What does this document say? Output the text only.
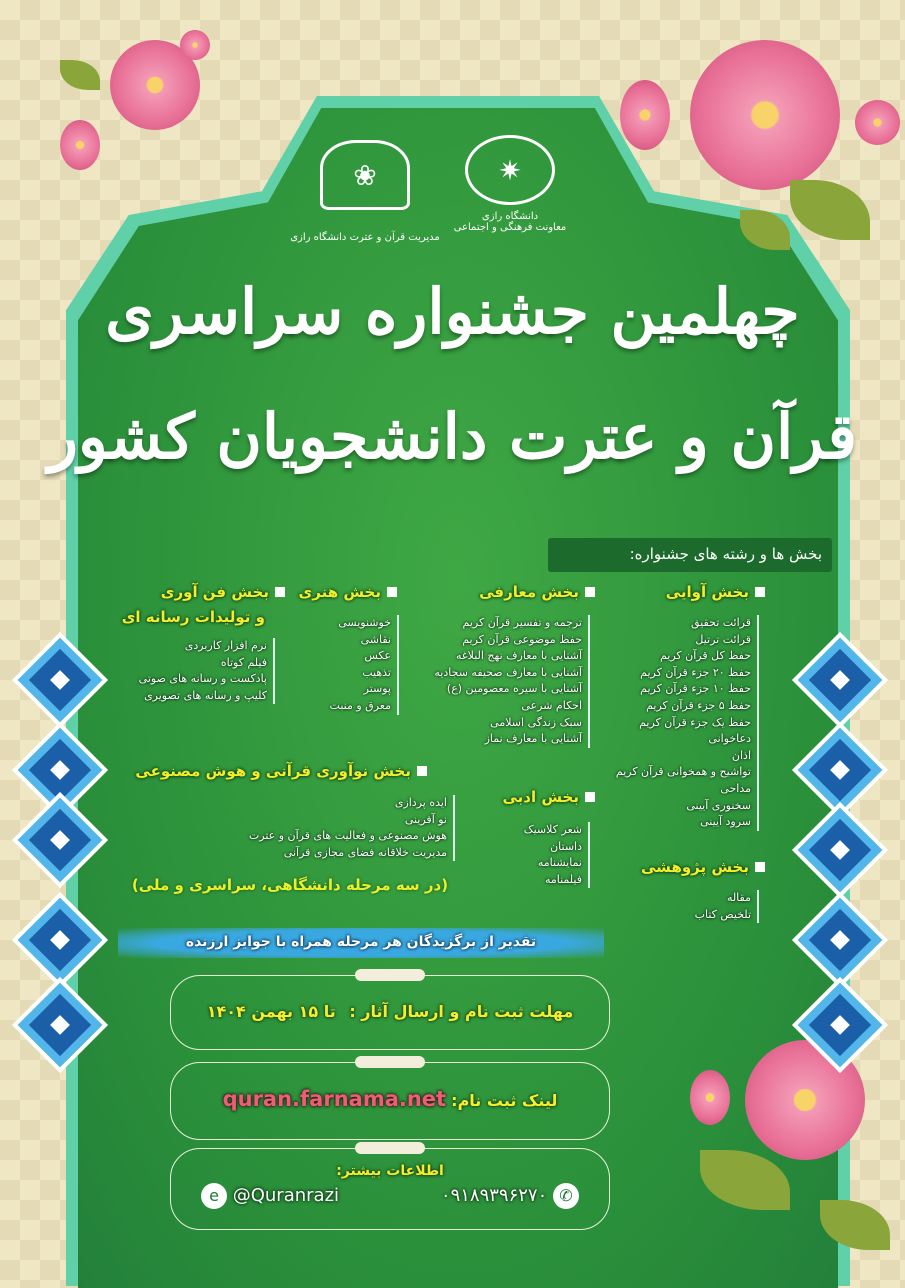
✷
دانشگاه رازی
معاونت فرهنگی و اجتماعی
❀
مدیریت قرآن و عترت دانشگاه رازی
چهلمین جشنواره سراسری
قرآن و عترت دانشجویان کشور
بخش ها و رشته های جشنواره:
بخش آوایی
قرائت تحقیق
قرائت ترتیل
حفظ کل قرآن کریم
حفظ ۲۰ جزء قرآن کریم
حفظ ۱۰ جزء قرآن کریم
حفظ ۵ جزء قرآن کریم
حفظ یک جزء قرآن کریم
دعاخوانی
اذان
تواشیح و همخوانی قرآن کریم
مداحی
سخنوری آیینی
سرود آیینی
بخش معارفی
ترجمه و تفسیر قرآن کریم
حفظ موضوعی قرآن کریم
آشنایی با معارف نهج البلاغه
آشنایی با معارف صحیفه سجادیه
آشنایی با سیره معصومین (ع)
احکام شرعی
سبک زندگی اسلامی
آشنایی با معارف نماز
بخش هنری
خوشنویسی
نقاشی
عکس
تذهیب
پوستر
معرق و منبت
بخش فن آوری
و تولیدات رسانه ای
نرم افزار کاربردی
فیلم کوتاه
پادکست و رسانه های صوتی
کلیپ و رسانه های تصویری
بخش نوآوری قرآنی و هوش مصنوعی
ایده پردازی
نو آفرینی
هوش مصنوعی و فعالیت های قرآن و عترت
مدیریت خلاقانه فضای مجازی قرآنی
بخش ادبی
شعر کلاسیک
داستان
نمایشنامه
فیلمنامه
بخش پژوهشی
مقاله
تلخیص کتاب
(در سه مرحله دانشگاهی، سراسری و ملی)
تقدیر از برگزیدگان هر مرحله همراه با جوایز ارزنده
مهلت ثبت نام و ارسال آثار : تا ۱۵ بهمن ۱۴۰۴
لینک ثبت نام: quran.farnama.net
اطلاعات بیشتر:
✆ ۰۹۱۸۹۳۹۶۲۷۰
e @Quranrazi
